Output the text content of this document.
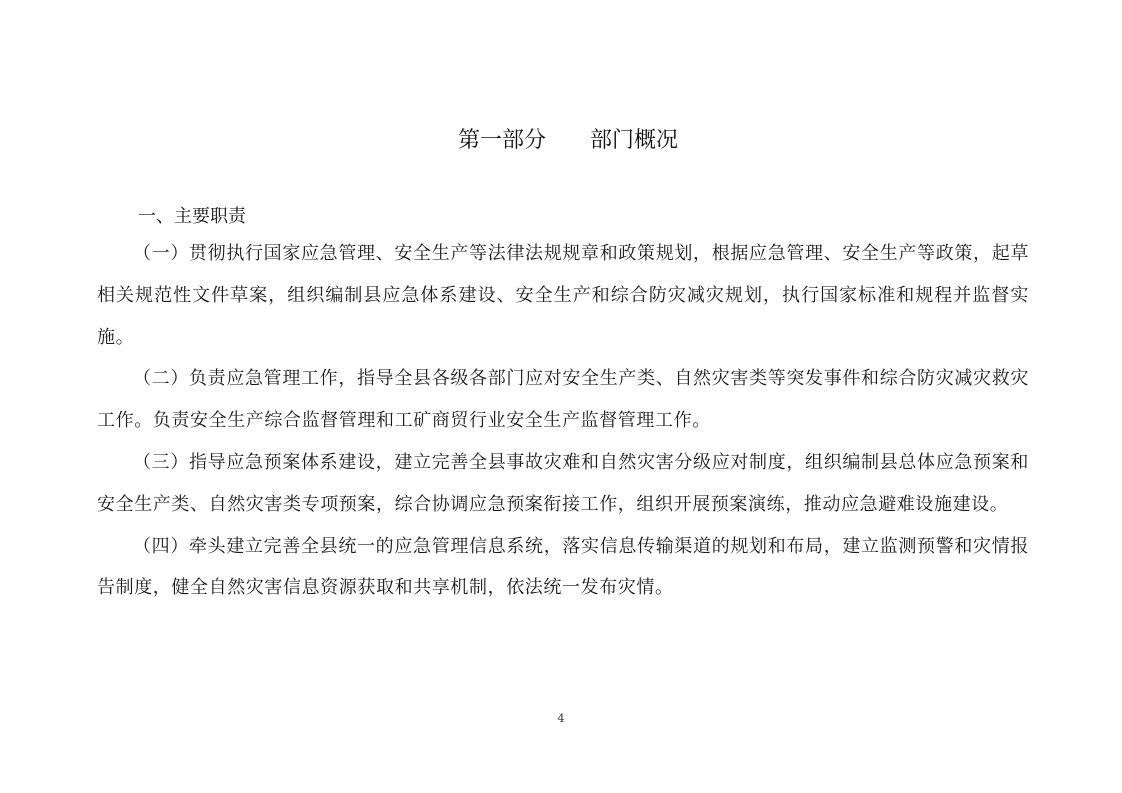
第一部分　　部门概况
一、主要职责

（一）贯彻执行国家应急管理、安全生产等法律法规规章和政策规划，根据应急管理、安全生产等政策，起草相关规范性文件草案，组织编制县应急体系建设、安全生产和综合防灾减灾规划，执行国家标准和规程并监督实施。

（二）负责应急管理工作，指导全县各级各部门应对安全生产类、自然灾害类等突发事件和综合防灾减灾救灾工作。负责安全生产综合监督管理和工矿商贸行业安全生产监督管理工作。

（三）指导应急预案体系建设，建立完善全县事故灾难和自然灾害分级应对制度，组织编制县总体应急预案和安全生产类、自然灾害类专项预案，综合协调应急预案衔接工作，组织开展预案演练，推动应急避难设施建设。

（四）牵头建立完善全县统一的应急管理信息系统，落实信息传输渠道的规划和布局，建立监测预警和灾情报告制度，健全自然灾害信息资源获取和共享机制，依法统一发布灾情。

4
